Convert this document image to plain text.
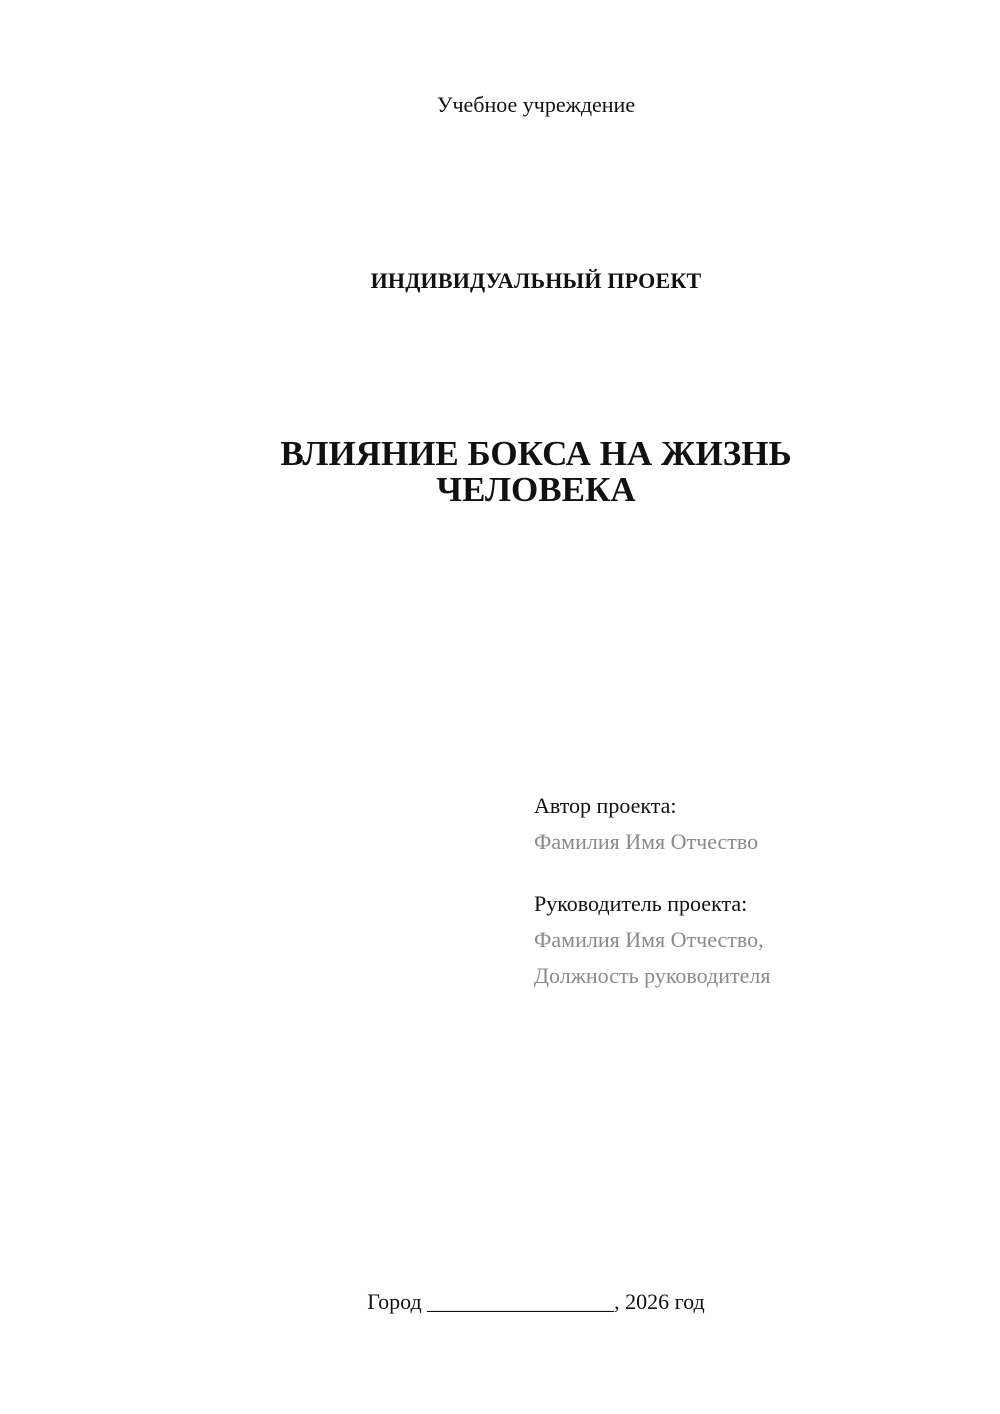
Учебное учреждение
ИНДИВИДУАЛЬНЫЙ ПРОЕКТ
ВЛИЯНИЕ БОКСА НА ЖИЗНЬ
ЧЕЛОВЕКА
Автор проекта:
Фамилия Имя Отчество
Руководитель проекта:
Фамилия Имя Отчество,
Должность руководителя
Город _________________, 2026 год
